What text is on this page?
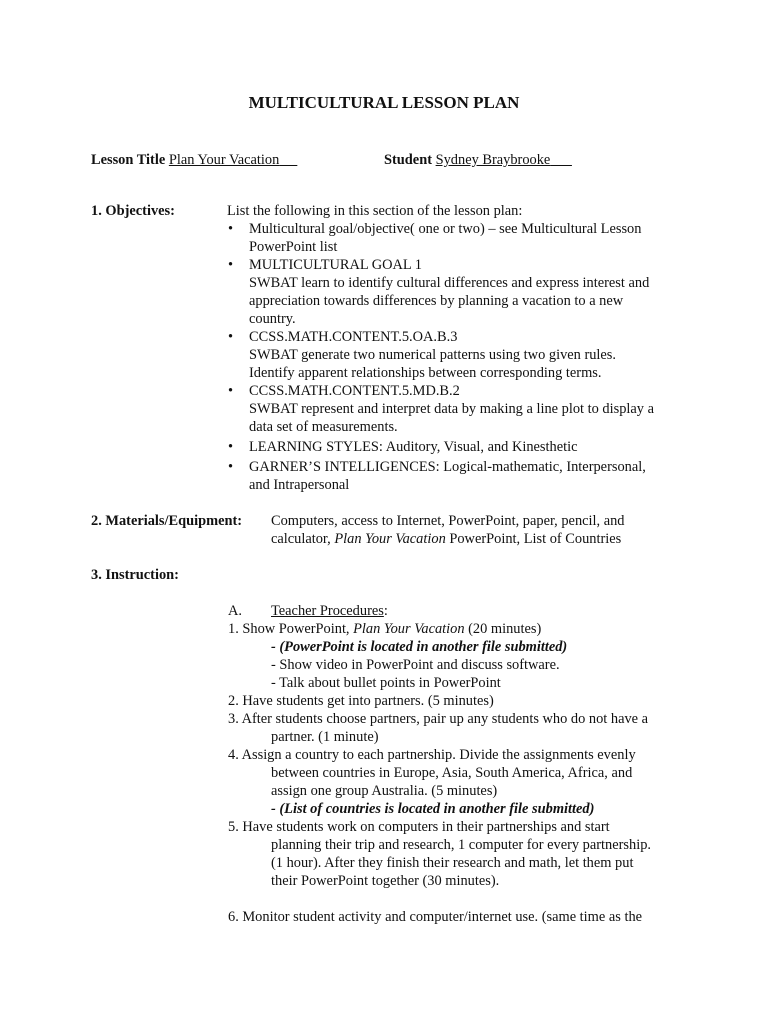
MULTICULTURAL LESSON PLAN
Lesson Title Plan Your Vacation	Student Sydney Braybrooke
1. Objectives:	List the following in this section of the lesson plan:
• Multicultural goal/objective( one or two) – see Multicultural Lesson
PowerPoint list
• MULTICULTURAL GOAL 1
SWBAT learn to identify cultural differences and express interest and
appreciation towards differences by planning a vacation to a new
country.
• CCSS.MATH.CONTENT.5.OA.B.3
SWBAT generate two numerical patterns using two given rules.
Identify apparent relationships between corresponding terms.
• CCSS.MATH.CONTENT.5.MD.B.2
SWBAT represent and interpret data by making a line plot to display a
data set of measurements.
• LEARNING STYLES: Auditory, Visual, and Kinesthetic
• GARNER’S INTELLIGENCES: Logical-mathematic, Interpersonal,
and Intrapersonal
2. Materials/Equipment: Computers, access to Internet, PowerPoint, paper, pencil, and
calculator, Plan Your Vacation PowerPoint, List of Countries
3. Instruction:
A. Teacher Procedures:
1. Show PowerPoint, Plan Your Vacation (20 minutes)
- (PowerPoint is located in another file submitted)
- Show video in PowerPoint and discuss software.
- Talk about bullet points in PowerPoint
2. Have students get into partners. (5 minutes)
3. After students choose partners, pair up any students who do not have a
partner. (1 minute)
4. Assign a country to each partnership. Divide the assignments evenly
between countries in Europe, Asia, South America, Africa, and
assign one group Australia. (5 minutes)
- (List of countries is located in another file submitted)
5. Have students work on computers in their partnerships and start
planning their trip and research, 1 computer for every partnership.
(1 hour). After they finish their research and math, let them put
their PowerPoint together (30 minutes).
6. Monitor student activity and computer/internet use. (same time as the
